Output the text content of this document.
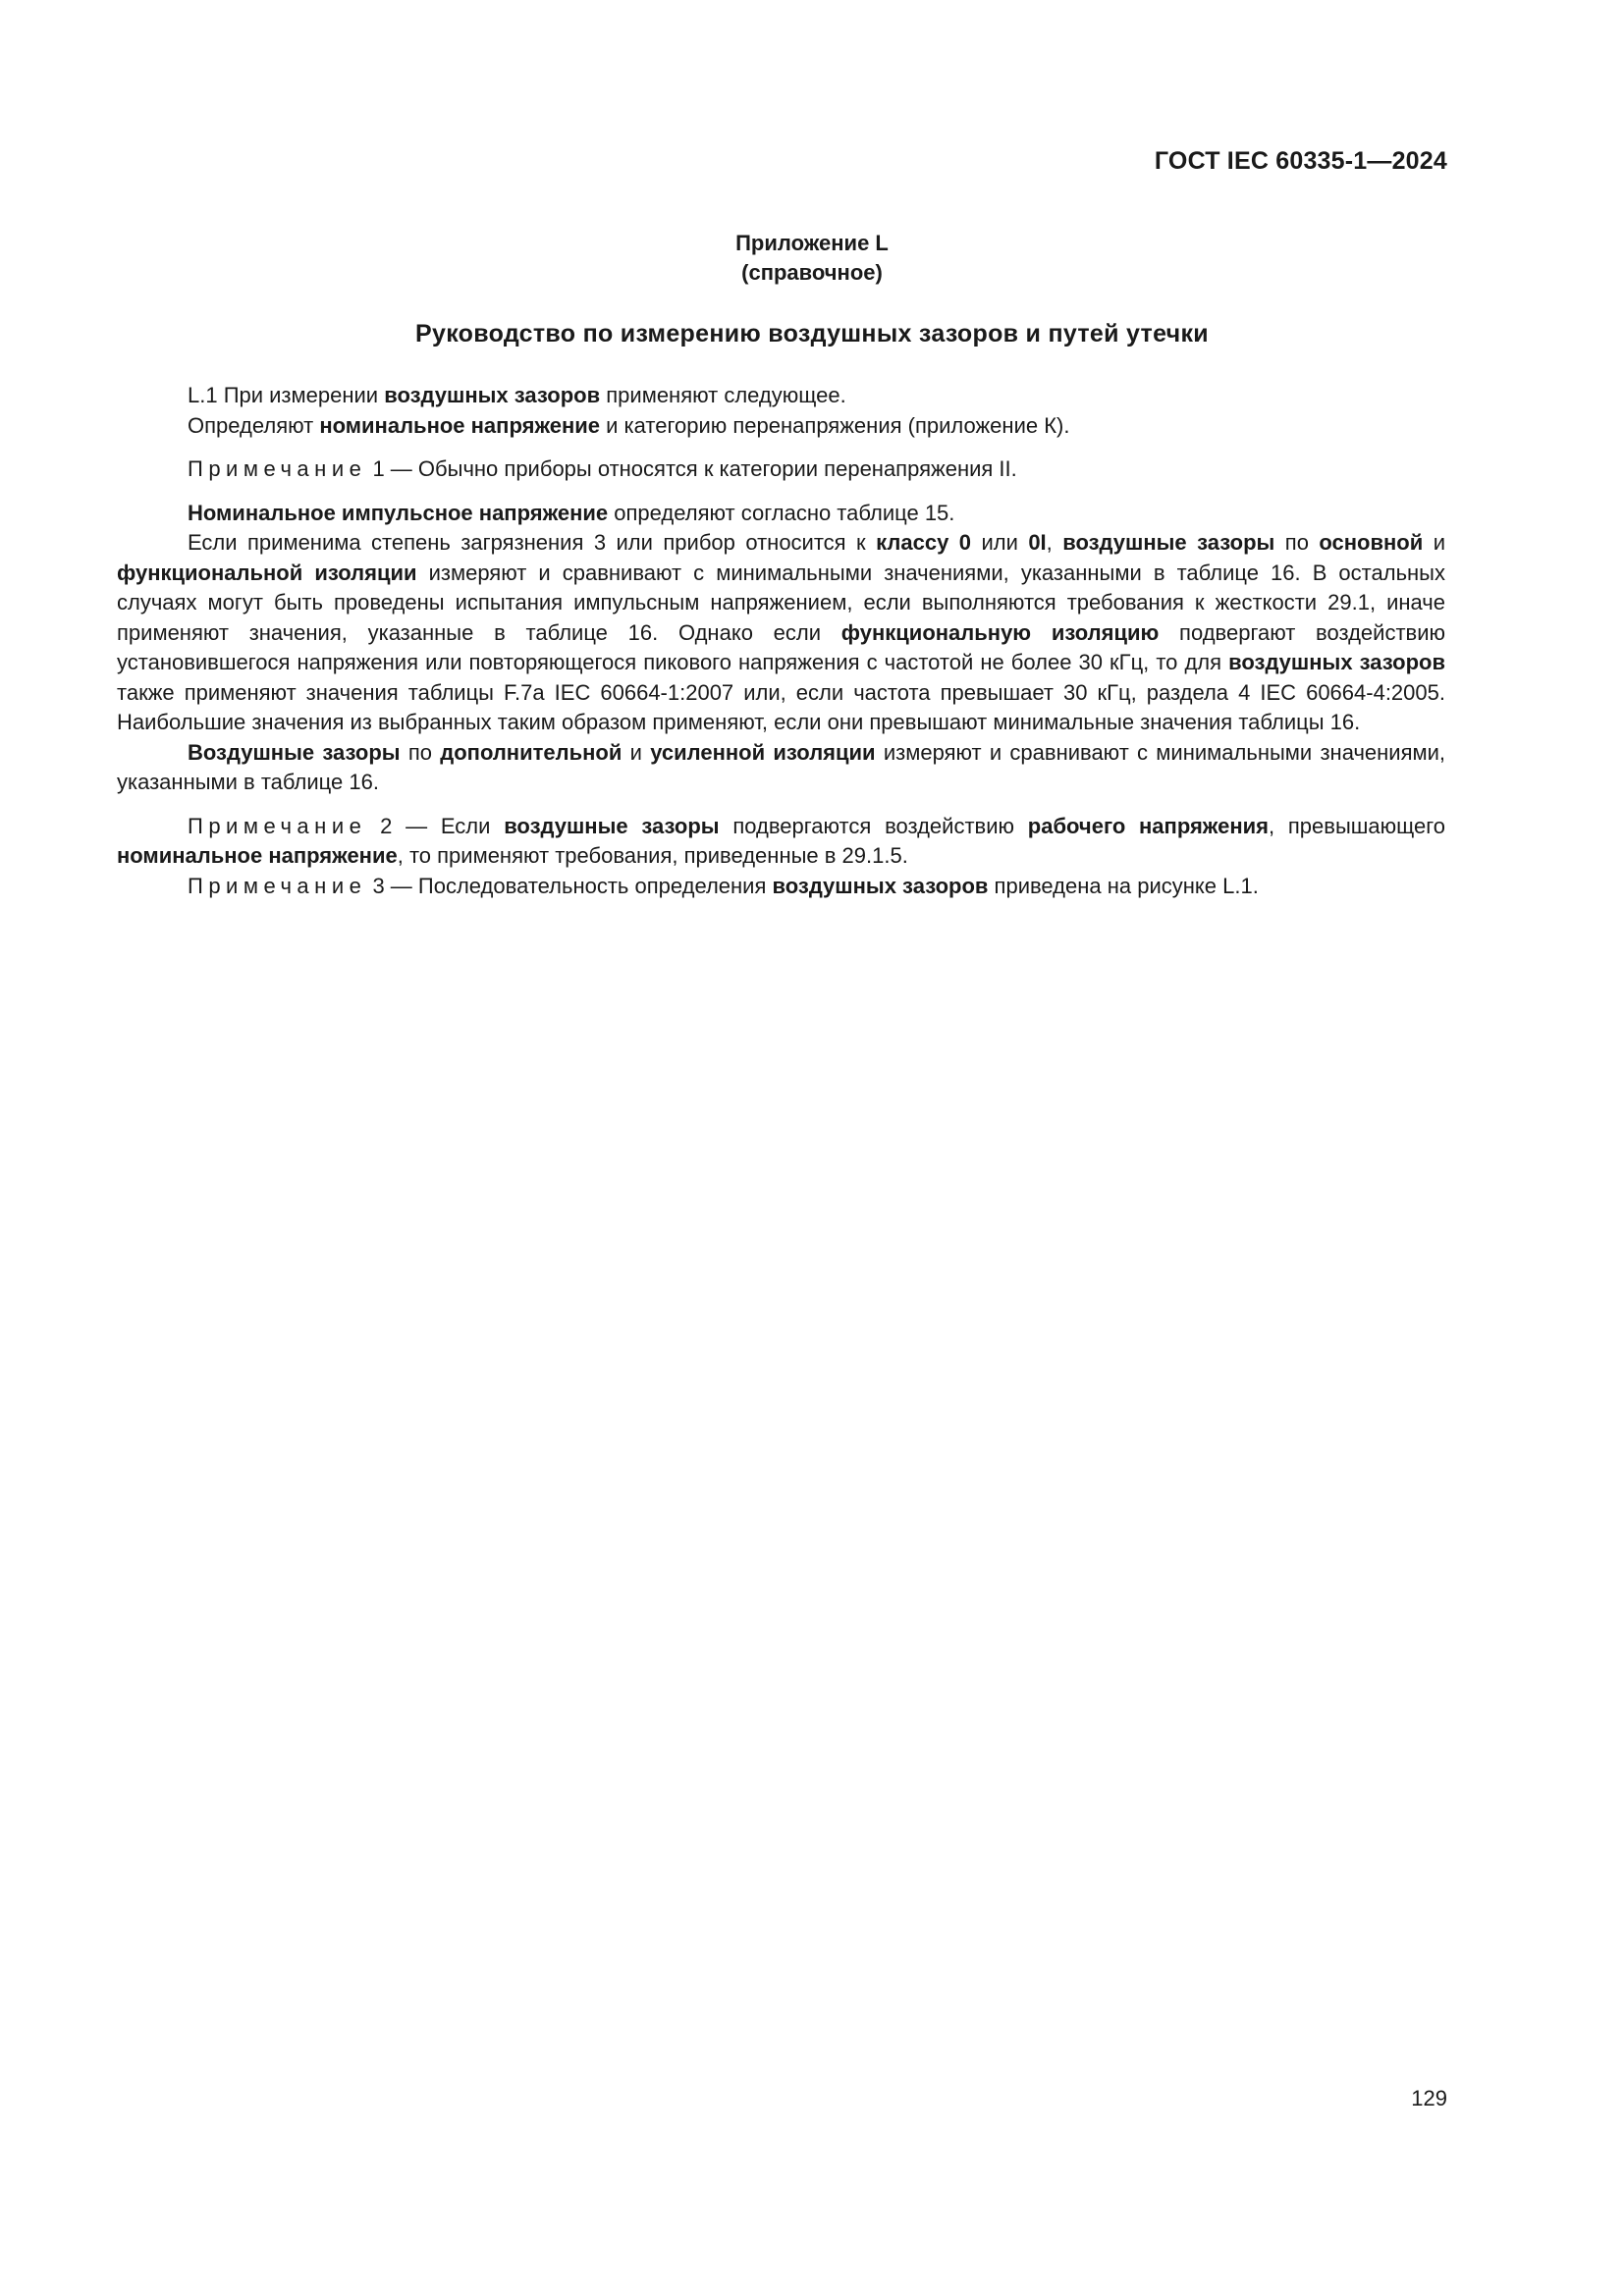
ГОСТ IEC 60335-1—2024
Приложение L
(справочное)
Руководство по измерению воздушных зазоров и путей утечки

L.1 При измерении воздушных зазоров применяют следующее.

Определяют номинальное напряжение и категорию перенапряжения (приложение К).

Примечание 1 — Обычно приборы относятся к категории перенапряжения II.

Номинальное импульсное напряжение определяют согласно таблице 15.

Если применима степень загрязнения 3 или прибор относится к классу 0 или 0I, воздушные зазоры по основной и функциональной изоляции измеряют и сравнивают с минимальными значениями, указанными в таблице 16. В остальных случаях могут быть проведены испытания импульсным напряжением, если выполняются требования к жесткости 29.1, иначе применяют значения, указанные в таблице 16. Однако если функциональную изоляцию подвергают воздействию установившегося напряжения или повторяющегося пикового напряжения с частотой не более 30 кГц, то для воздушных зазоров также применяют значения таблицы F.7a IEC 60664-1:2007 или, если частота превышает 30 кГц, раздела 4 IEC 60664-4:2005. Наибольшие значения из выбранных таким образом применяют, если они превышают минимальные значения таблицы 16.

Воздушные зазоры по дополнительной и усиленной изоляции измеряют и сравнивают с минимальными значениями, указанными в таблице 16.

Примечание 2 — Если воздушные зазоры подвергаются воздействию рабочего напряжения, превышающего номинальное напряжение, то применяют требования, приведенные в 29.1.5.

Примечание 3 — Последовательность определения воздушных зазоров приведена на рисунке L.1.

129
